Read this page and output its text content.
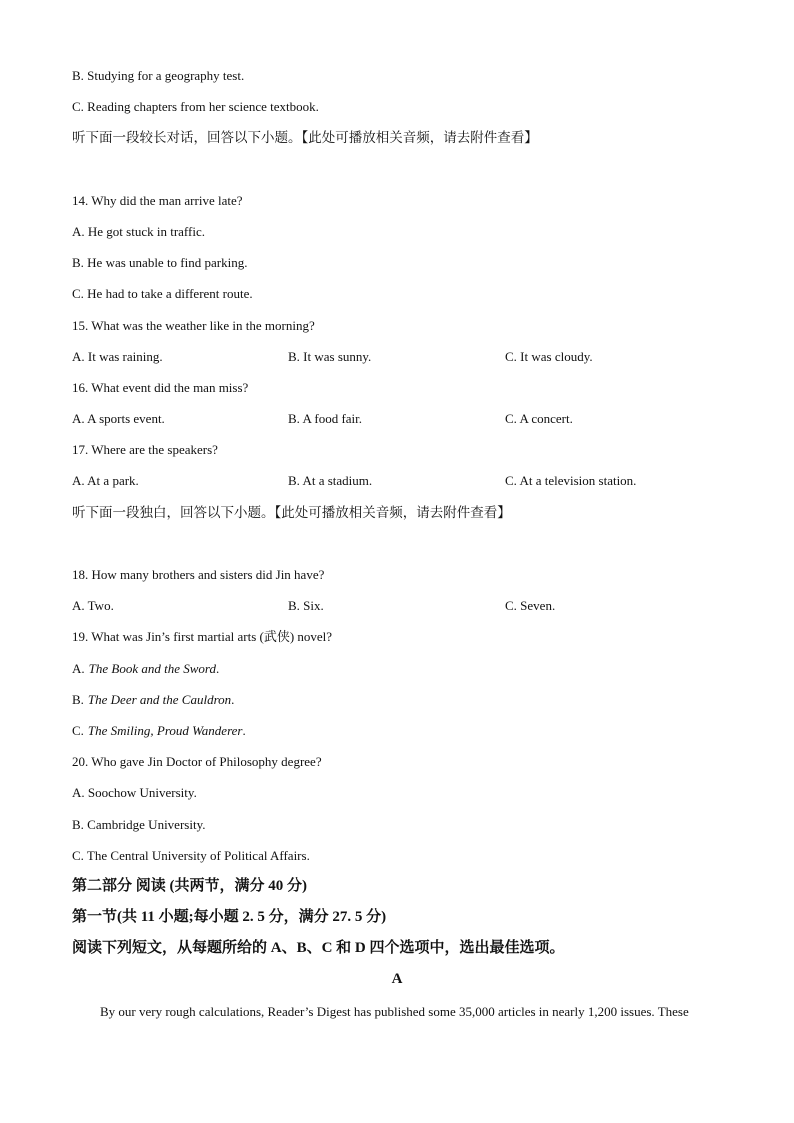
B. Studying for a geography test.
C. Reading chapters from her science textbook.
听下面一段较长对话，回答以下小题。【此处可播放相关音频，请去附件查看】
14. Why did the man arrive late?
A. He got stuck in traffic.
B. He was unable to find parking.
C. He had to take a different route.
15. What was the weather like in the morning?
A. It was raining.	B. It was sunny.	C. It was cloudy.
16. What event did the man miss?
A. A sports event.	B. A food fair.	C. A concert.
17. Where are the speakers?
A. At a park.	B. At a stadium.	C. At a television station.
听下面一段独白，回答以下小题。【此处可播放相关音频，请去附件查看】
18. How many brothers and sisters did Jin have?
A. Two.	B. Six.	C. Seven.
19. What was Jin’s first martial arts (武侠) novel?
A. The Book and the Sword.
B. The Deer and the Cauldron.
C. The Smiling, Proud Wanderer.
20. Who gave Jin Doctor of Philosophy degree?
A. Soochow University.
B. Cambridge University.
C. The Central University of Political Affairs.
第二部分 阅读 (共两节，满分 40 分)
第一节(共 11 小题;每小题 2. 5 分，满分 27. 5 分)
阅读下列短文，从每题所给的 A、B、C 和 D 四个选项中，选出最佳选项。
A
By our very rough calculations, Reader’s Digest has published some 35,000 articles in nearly 1,200 issues. These
